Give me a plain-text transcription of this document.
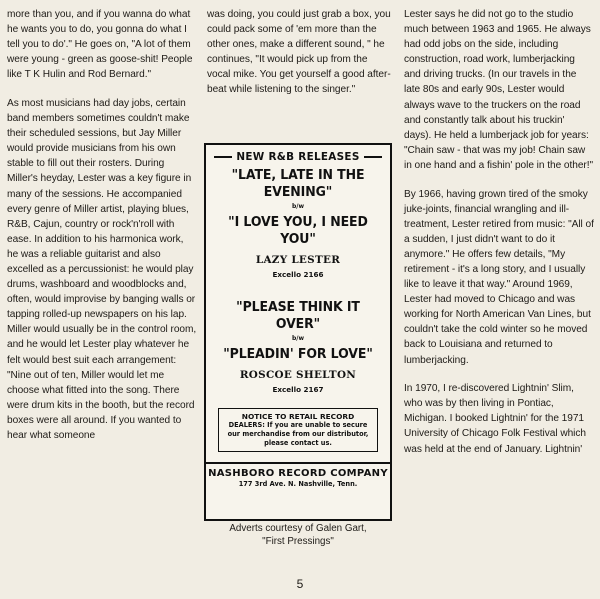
more than you, and if you wanna do what he wants you to do, you gonna do what I tell you to do'." He goes on, "A lot of them were young - green as goose-shit! People like T K Hulin and Rod Bernard."

As most musicians had day jobs, certain band members sometimes couldn't make their scheduled sessions, but Jay Miller would provide musicians from his own stable to fill out their rosters. During Miller's heyday, Lester was a key figure in many of the sessions. He accompanied every genre of Miller artist, playing blues, R&B, Cajun, country or rock'n'roll with ease. In addition to his harmonica work, he was a reliable guitarist and also excelled as a percussionist: he would play drums, washboard and woodblocks and, often, would improvise by banging walls or tapping rolled-up newspapers on his lap. Miller would usually be in the control room, and he would let Lester play whatever he felt would best suit each arrangement: "Nine out of ten, Miller would let me choose what fitted into the song. There were drum kits in the booth, but the record boxes were all around. If you wanted to hear what someone

was doing, you could just grab a box, you could pack some of 'em more than the other ones, make a different sound, " he continues, "It would pick up from the vocal mike. You get yourself a good after-beat while listening to the singer."

Lester says he did not go to the studio much between 1963 and 1965. He always had odd jobs on the side, including construction, road work, lumberjacking and driving trucks. (In our travels in the late 80s and early 90s, Lester would always wave to the truckers on the road and constantly talk about his truckin' days). He held a lumberjack job for years: "Chain saw - that was my job! Chain saw in one hand and a fishin' pole in the other!"

By 1966, having grown tired of the smoky juke-joints, financial wrangling and ill-treatment, Lester retired from music: "All of a sudden, I just didn't want to do it anymore." He offers few details, "My retirement - it's a long story, and I usually like to leave it that way." Around 1969, Lester had moved to Chicago and was working for North American Van Lines, but couldn't take the cold winter so he moved back to Louisiana and returned to lumberjacking.

In 1970, I re-discovered Lightnin' Slim, who was by then living in Pontiac, Michigan. I booked Lightnin' for the 1971 University of Chicago Folk Festival which was held at the end of January. Lightnin'

NEW R&B RELEASES
"LATE, LATE IN THE EVENING"
b/w
"I LOVE YOU, I NEED YOU"
LAZY LESTER
Excello 2166
"PLEASE THINK IT OVER"
b/w
"PLEADIN' FOR LOVE"
ROSCOE SHELTON
Excello 2167
NOTICE TO RETAIL RECORD
DEALERS: If you are unable to secure our merchandise from our distributor, please contact us.
NASHBORO RECORD COMPANY
177 3rd Ave. N. Nashville, Tenn.
Adverts courtesy of Galen Gart,
"First Pressings"
5
